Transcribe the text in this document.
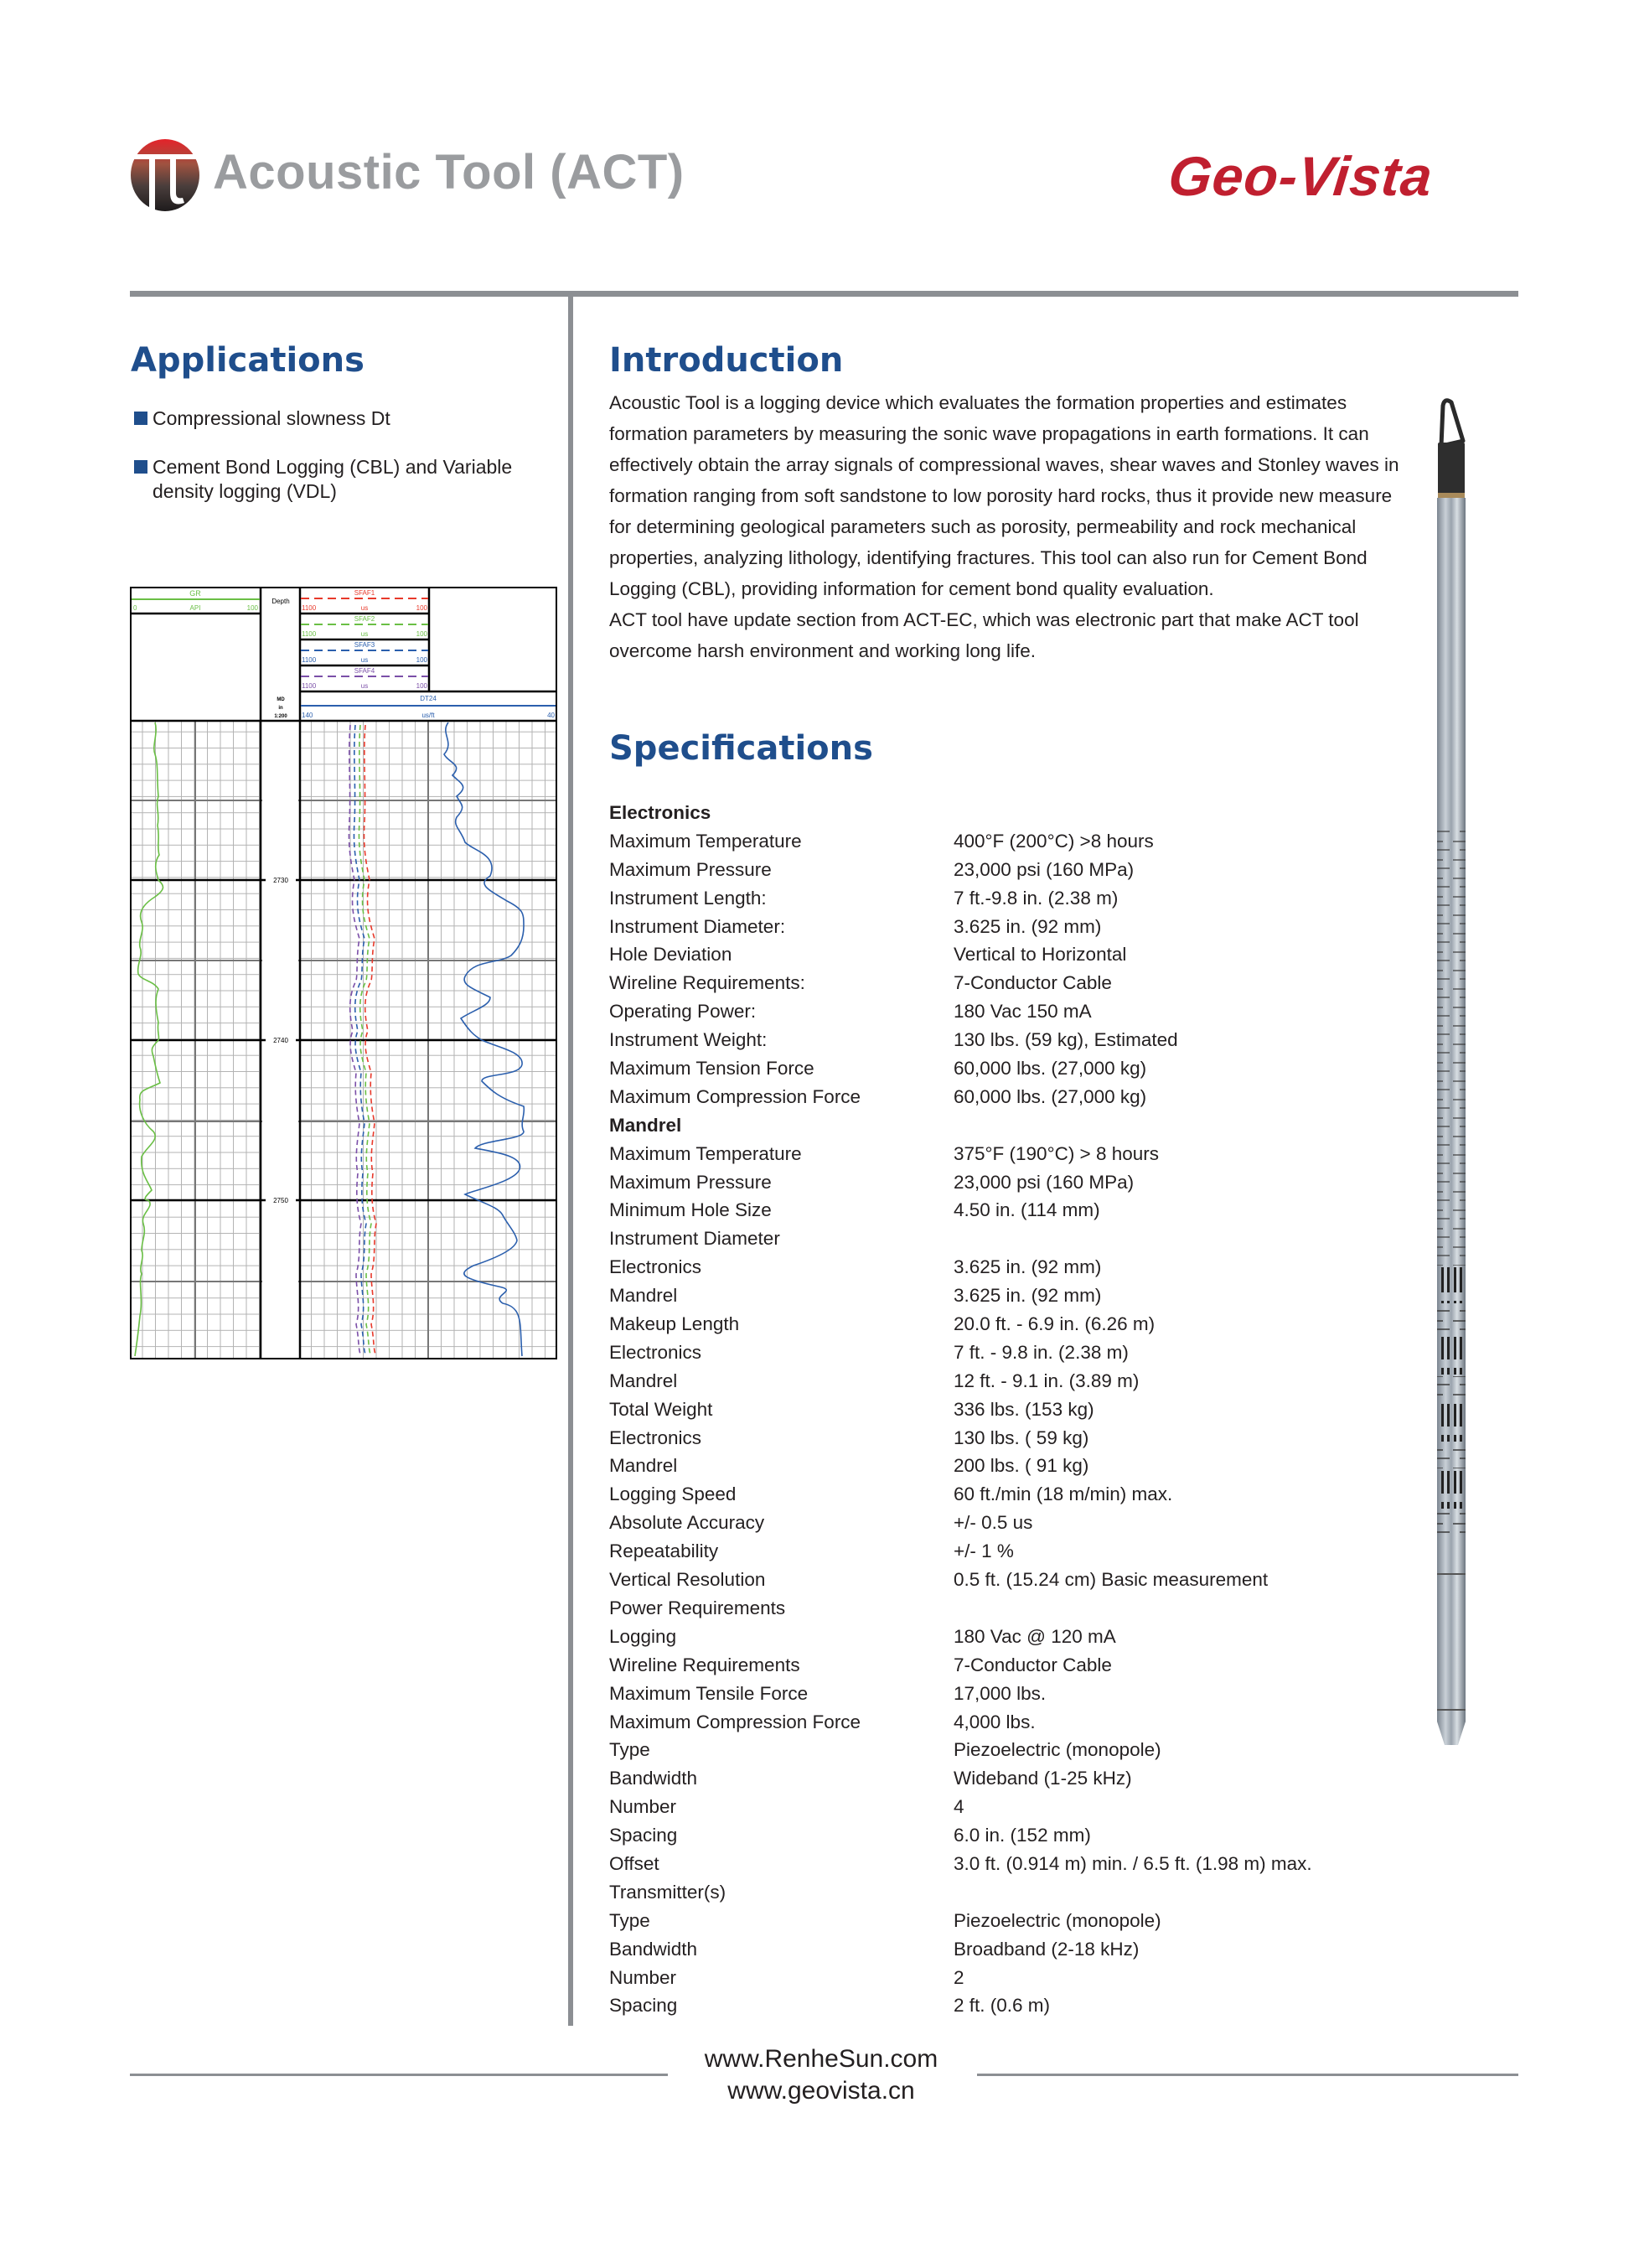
Acoustic Tool (ACT)	Geo-Vista
Applications
Compressional slowness Dt
Cement Bond Logging (CBL) and Variable density logging (VDL)
GR
0	API	100
Depth
MD
in
1:200
SFAF1
1100	us	100
SFAF2
1100	us	100
SFAF3
1100	us	100
SFAF4
1100	us	100
DT24
140	us/ft	40
2730
2740
2750
Introduction

Acoustic Tool is a logging device which evaluates the formation properties and estimates formation parameters by measuring the sonic wave propagations in earth formations. It can effectively obtain the array signals of compressional waves, shear waves and Stonley waves in formation ranging from soft sandstone to low porosity hard rocks, thus it provide new measure for determining geological parameters such as porosity, permeability and rock mechanical properties, analyzing lithology, identifying fractures. This tool can also run for Cement Bond Logging (CBL), providing information for cement bond quality evaluation.

ACT tool have update section from ACT-EC, which was electronic part that make ACT tool overcome harsh environment and working long life.

Specifications
Electronics
Maximum Temperature	400°F (200°C) >8 hours
Maximum Pressure	23,000 psi (160 MPa)
Instrument Length:	7 ft.-9.8 in. (2.38 m)
Instrument Diameter:	3.625 in. (92 mm)
Hole Deviation	Vertical to Horizontal
Wireline Requirements:	7-Conductor Cable
Operating Power:	180 Vac 150 mA
Instrument Weight:	130 lbs. (59 kg), Estimated
Maximum Tension Force	60,000 lbs. (27,000 kg)
Maximum Compression Force	60,000 lbs. (27,000 kg)
Mandrel
Maximum Temperature	375°F (190°C) > 8 hours
Maximum Pressure	23,000 psi (160 MPa)
Minimum Hole Size	4.50 in. (114 mm)
Instrument Diameter
Electronics	3.625 in. (92 mm)
Mandrel	3.625 in. (92 mm)
Makeup Length	20.0 ft. - 6.9 in. (6.26 m)
Electronics	7 ft. - 9.8 in. (2.38 m)
Mandrel	12 ft. - 9.1 in. (3.89 m)
Total Weight	336 lbs. (153 kg)
Electronics	130 lbs. ( 59 kg)
Mandrel	200 lbs. ( 91 kg)
Logging Speed	60 ft./min (18 m/min) max.
Absolute Accuracy	+/- 0.5 us
Repeatability	+/- 1 %
Vertical Resolution	0.5 ft. (15.24 cm) Basic measurement
Power Requirements
Logging	180 Vac @ 120 mA
Wireline Requirements	7-Conductor Cable
Maximum Tensile Force	17,000 lbs.
Maximum Compression Force	4,000 lbs.
Type	Piezoelectric (monopole)
Bandwidth	Wideband (1-25 kHz)
Number	4
Spacing	6.0 in. (152 mm)
Offset	3.0 ft. (0.914 m) min. / 6.5 ft. (1.98 m) max.
Transmitter(s)
Type	Piezoelectric (monopole)
Bandwidth	Broadband (2-18 kHz)
Number	2
Spacing	2 ft. (0.6 m)
www.RenheSun.com
www.geovista.cn
